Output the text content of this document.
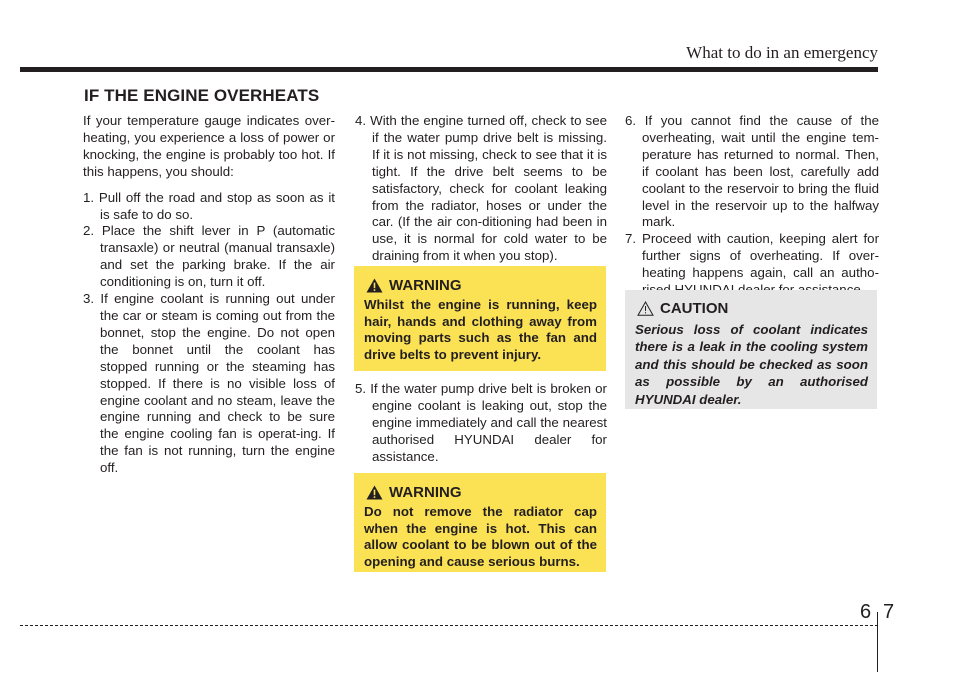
What to do in an emergency
IF THE ENGINE OVERHEATS

If your temperature gauge indicates over-heating, you experience a loss of power or knocking, the engine is probably too hot. If this happens, you should:

1. Pull off the road and stop as soon as it is safe to do so.

2. Place the shift lever in P (automatic transaxle) or neutral (manual transaxle) and set the parking brake. If the air conditioning is on, turn it off.

3. If engine coolant is running out under the car or steam is coming out from the bonnet, stop the engine. Do not open the bonnet until the coolant has stopped running or the steaming has stopped. If there is no visible loss of engine coolant and no steam, leave the engine running and check to be sure the engine cooling fan is operat-ing. If the fan is not running, turn the engine off.

4. With the engine turned off, check to see if the water pump drive belt is missing. If it is not missing, check to see that it is tight. If the drive belt seems to be satisfactory, check for coolant leaking from the radiator, hoses or under the car. (If the air con-ditioning had been in use, it is normal for cold water to be draining from it when you stop).

WARNING
Whilst the engine is running, keep hair, hands and clothing away from moving parts such as the fan and drive belts to prevent injury.

5. If the water pump drive belt is broken or engine coolant is leaking out, stop the engine immediately and call the nearest authorised HYUNDAI dealer for assistance.

WARNING
Do not remove the radiator cap when the engine is hot. This can allow coolant to be blown out of the opening and cause serious burns.

6. If you cannot find the cause of the overheating, wait until the engine tem-perature has returned to normal. Then, if coolant has been lost, carefully add coolant to the reservoir to bring the fluid level in the reservoir up to the halfway mark.

7. Proceed with caution, keeping alert for further signs of overheating. If over-heating happens again, call an autho-

CAUTION
Serious loss of coolant indicates there is a leak in the cooling system and this should be checked as soon as possible by an authorised HYUNDAI dealer.
6 7
